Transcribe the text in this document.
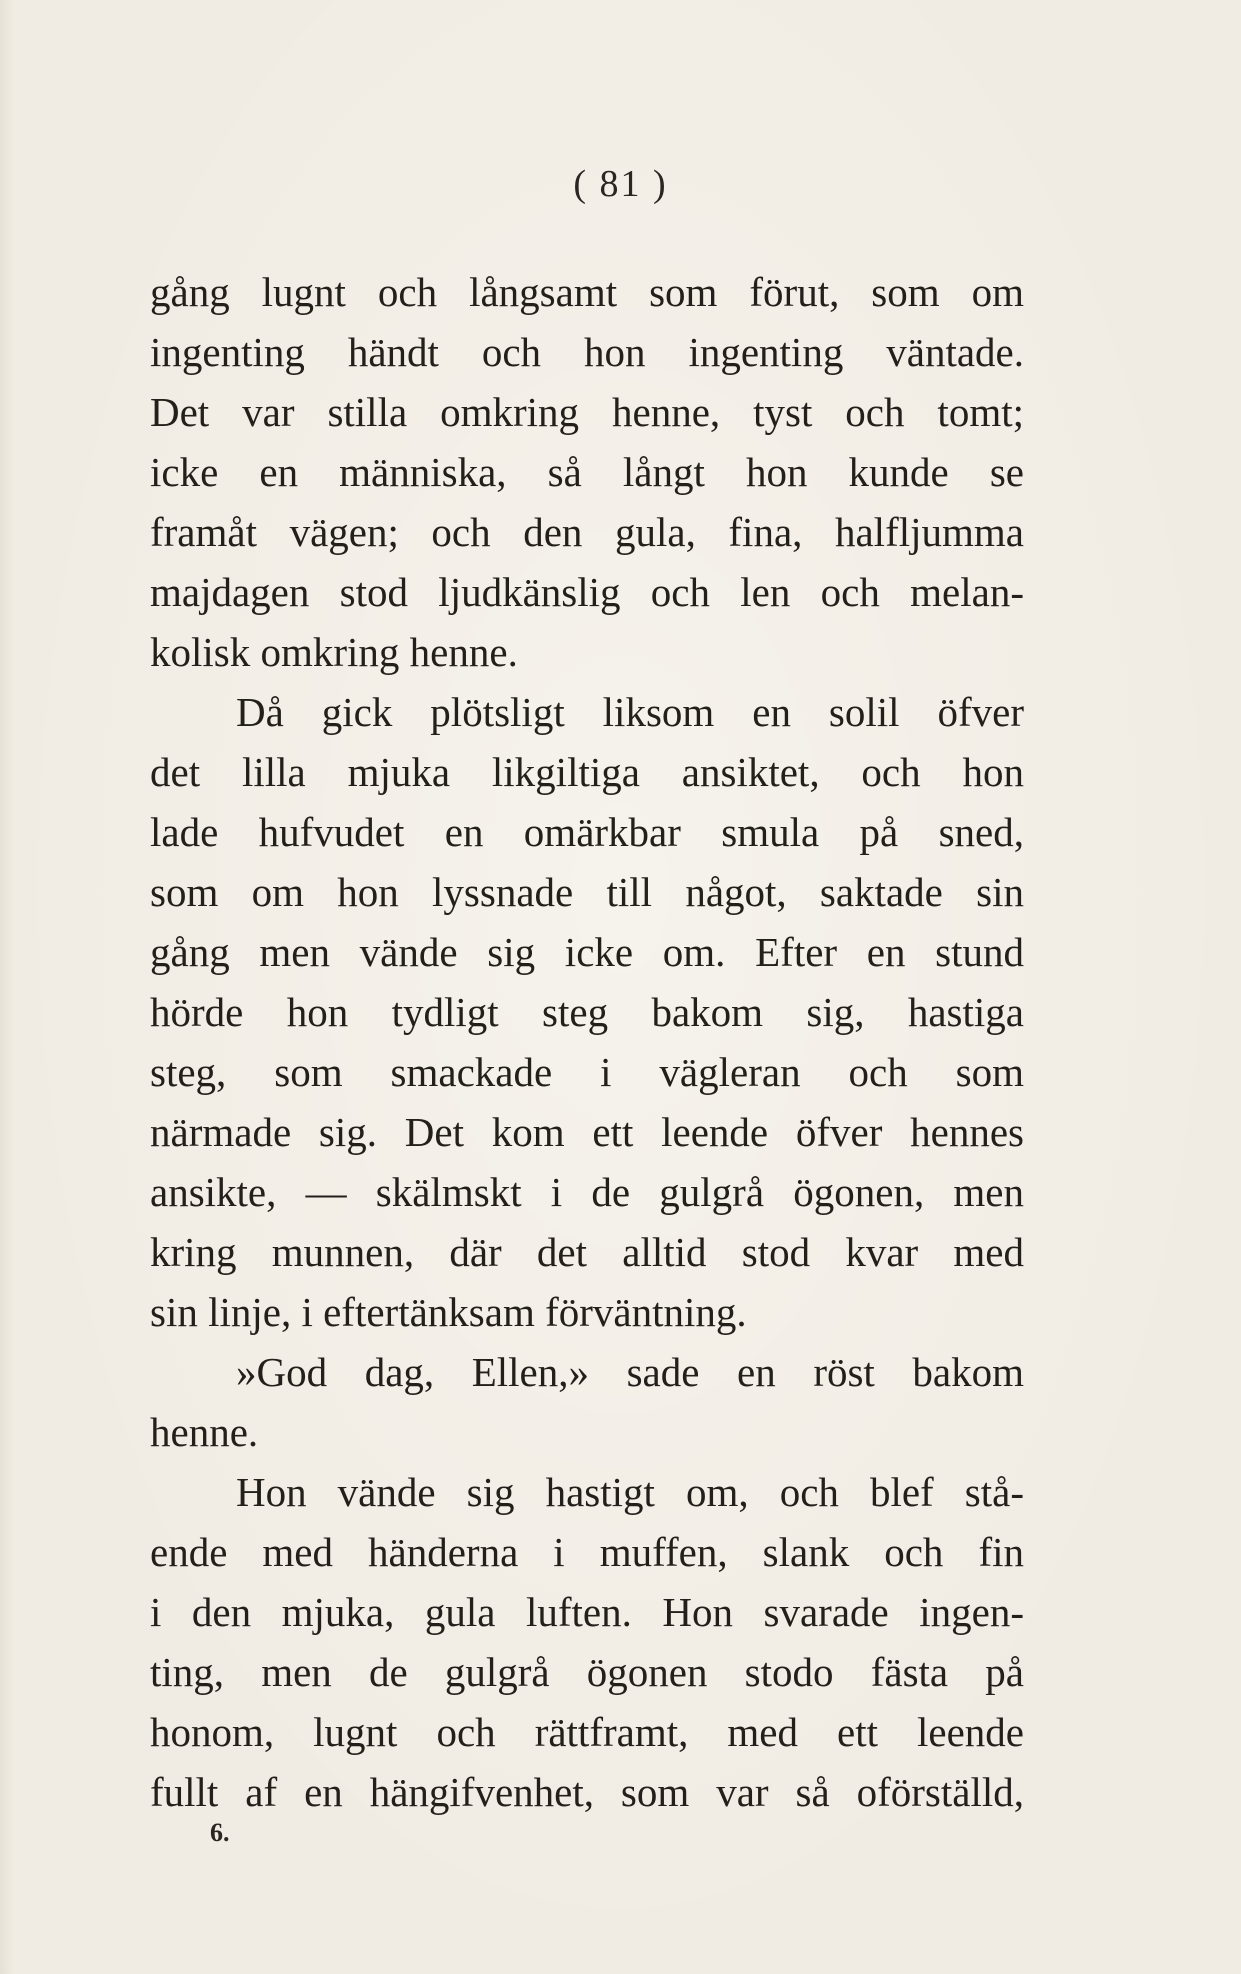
( 81 )
gång lugnt och långsamt som förut, som om
ingenting händt och hon ingenting väntade.
Det var stilla omkring henne, tyst och tomt;
icke en människa, så långt hon kunde se
framåt vägen; och den gula, fina, halfljumma
majdagen stod ljudkänslig och len och melan-
kolisk omkring henne.
Då gick plötsligt liksom en solil öfver
det lilla mjuka likgiltiga ansiktet, och hon
lade hufvudet en omärkbar smula på sned,
som om hon lyssnade till något, saktade sin
gång men vände sig icke om. Efter en stund
hörde hon tydligt steg bakom sig, hastiga
steg, som smackade i vägleran och som
närmade sig. Det kom ett leende öfver hennes
ansikte, — skälmskt i de gulgrå ögonen, men
kring munnen, där det alltid stod kvar med
sin linje, i eftertänksam förväntning.
»God dag, Ellen,» sade en röst bakom
henne.
Hon vände sig hastigt om, och blef stå-
ende med händerna i muffen, slank och fin
i den mjuka, gula luften. Hon svarade ingen-
ting, men de gulgrå ögonen stodo fästa på
honom, lugnt och rättframt, med ett leende
fullt af en hängifvenhet, som var så oförställd,
6.
